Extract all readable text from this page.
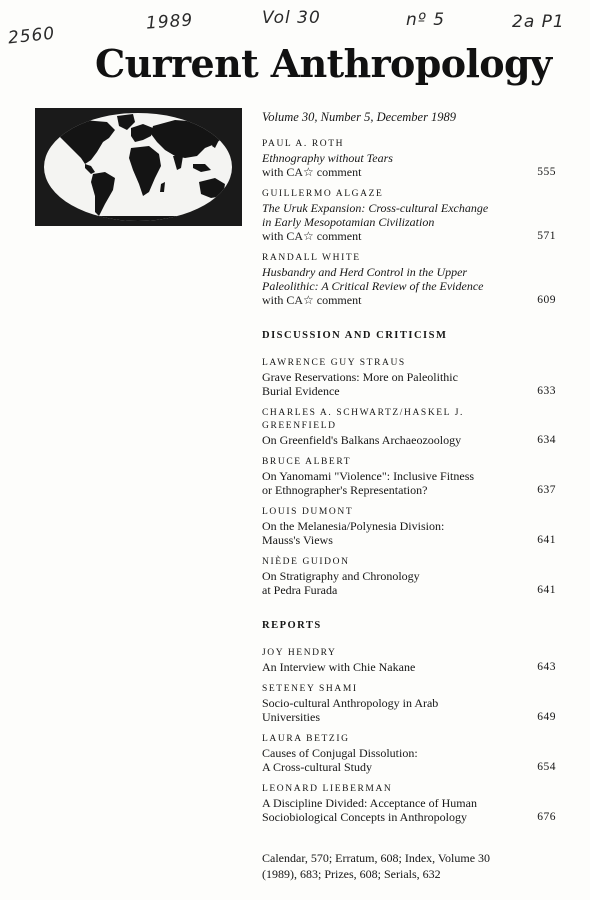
2560
1989	Vol 30	nº 5	2a P1
Current Anthropology
Volume 30, Number 5, December 1989
PAUL A. ROTH
Ethnography without Tears
with CA☆ comment	555
GUILLERMO ALGAZE
The Uruk Expansion: Cross-cultural Exchange
in Early Mesopotamian Civilization
with CA☆ comment	571
RANDALL WHITE
Husbandry and Herd Control in the Upper
Paleolithic: A Critical Review of the Evidence
with CA☆ comment	609
DISCUSSION AND CRITICISM
LAWRENCE GUY STRAUS
Grave Reservations: More on Paleolithic
Burial Evidence	633
CHARLES A. SCHWARTZ/HASKEL J.
GREENFIELD
On Greenfield's Balkans Archaeozoology	634
BRUCE ALBERT
On Yanomami "Violence": Inclusive Fitness
or Ethnographer's Representation?	637
LOUIS DUMONT
On the Melanesia/Polynesia Division:
Mauss's Views	641
NIÈDE GUIDON
On Stratigraphy and Chronology
at Pedra Furada	641
REPORTS
JOY HENDRY
An Interview with Chie Nakane	643
SETENEY SHAMI
Socio-cultural Anthropology in Arab
Universities	649
LAURA BETZIG
Causes of Conjugal Dissolution:
A Cross-cultural Study	654
LEONARD LIEBERMAN
A Discipline Divided: Acceptance of Human
Sociobiological Concepts in Anthropology	676
Calendar, 570; Erratum, 608; Index, Volume 30 (1989), 683; Prizes, 608; Serials, 632
